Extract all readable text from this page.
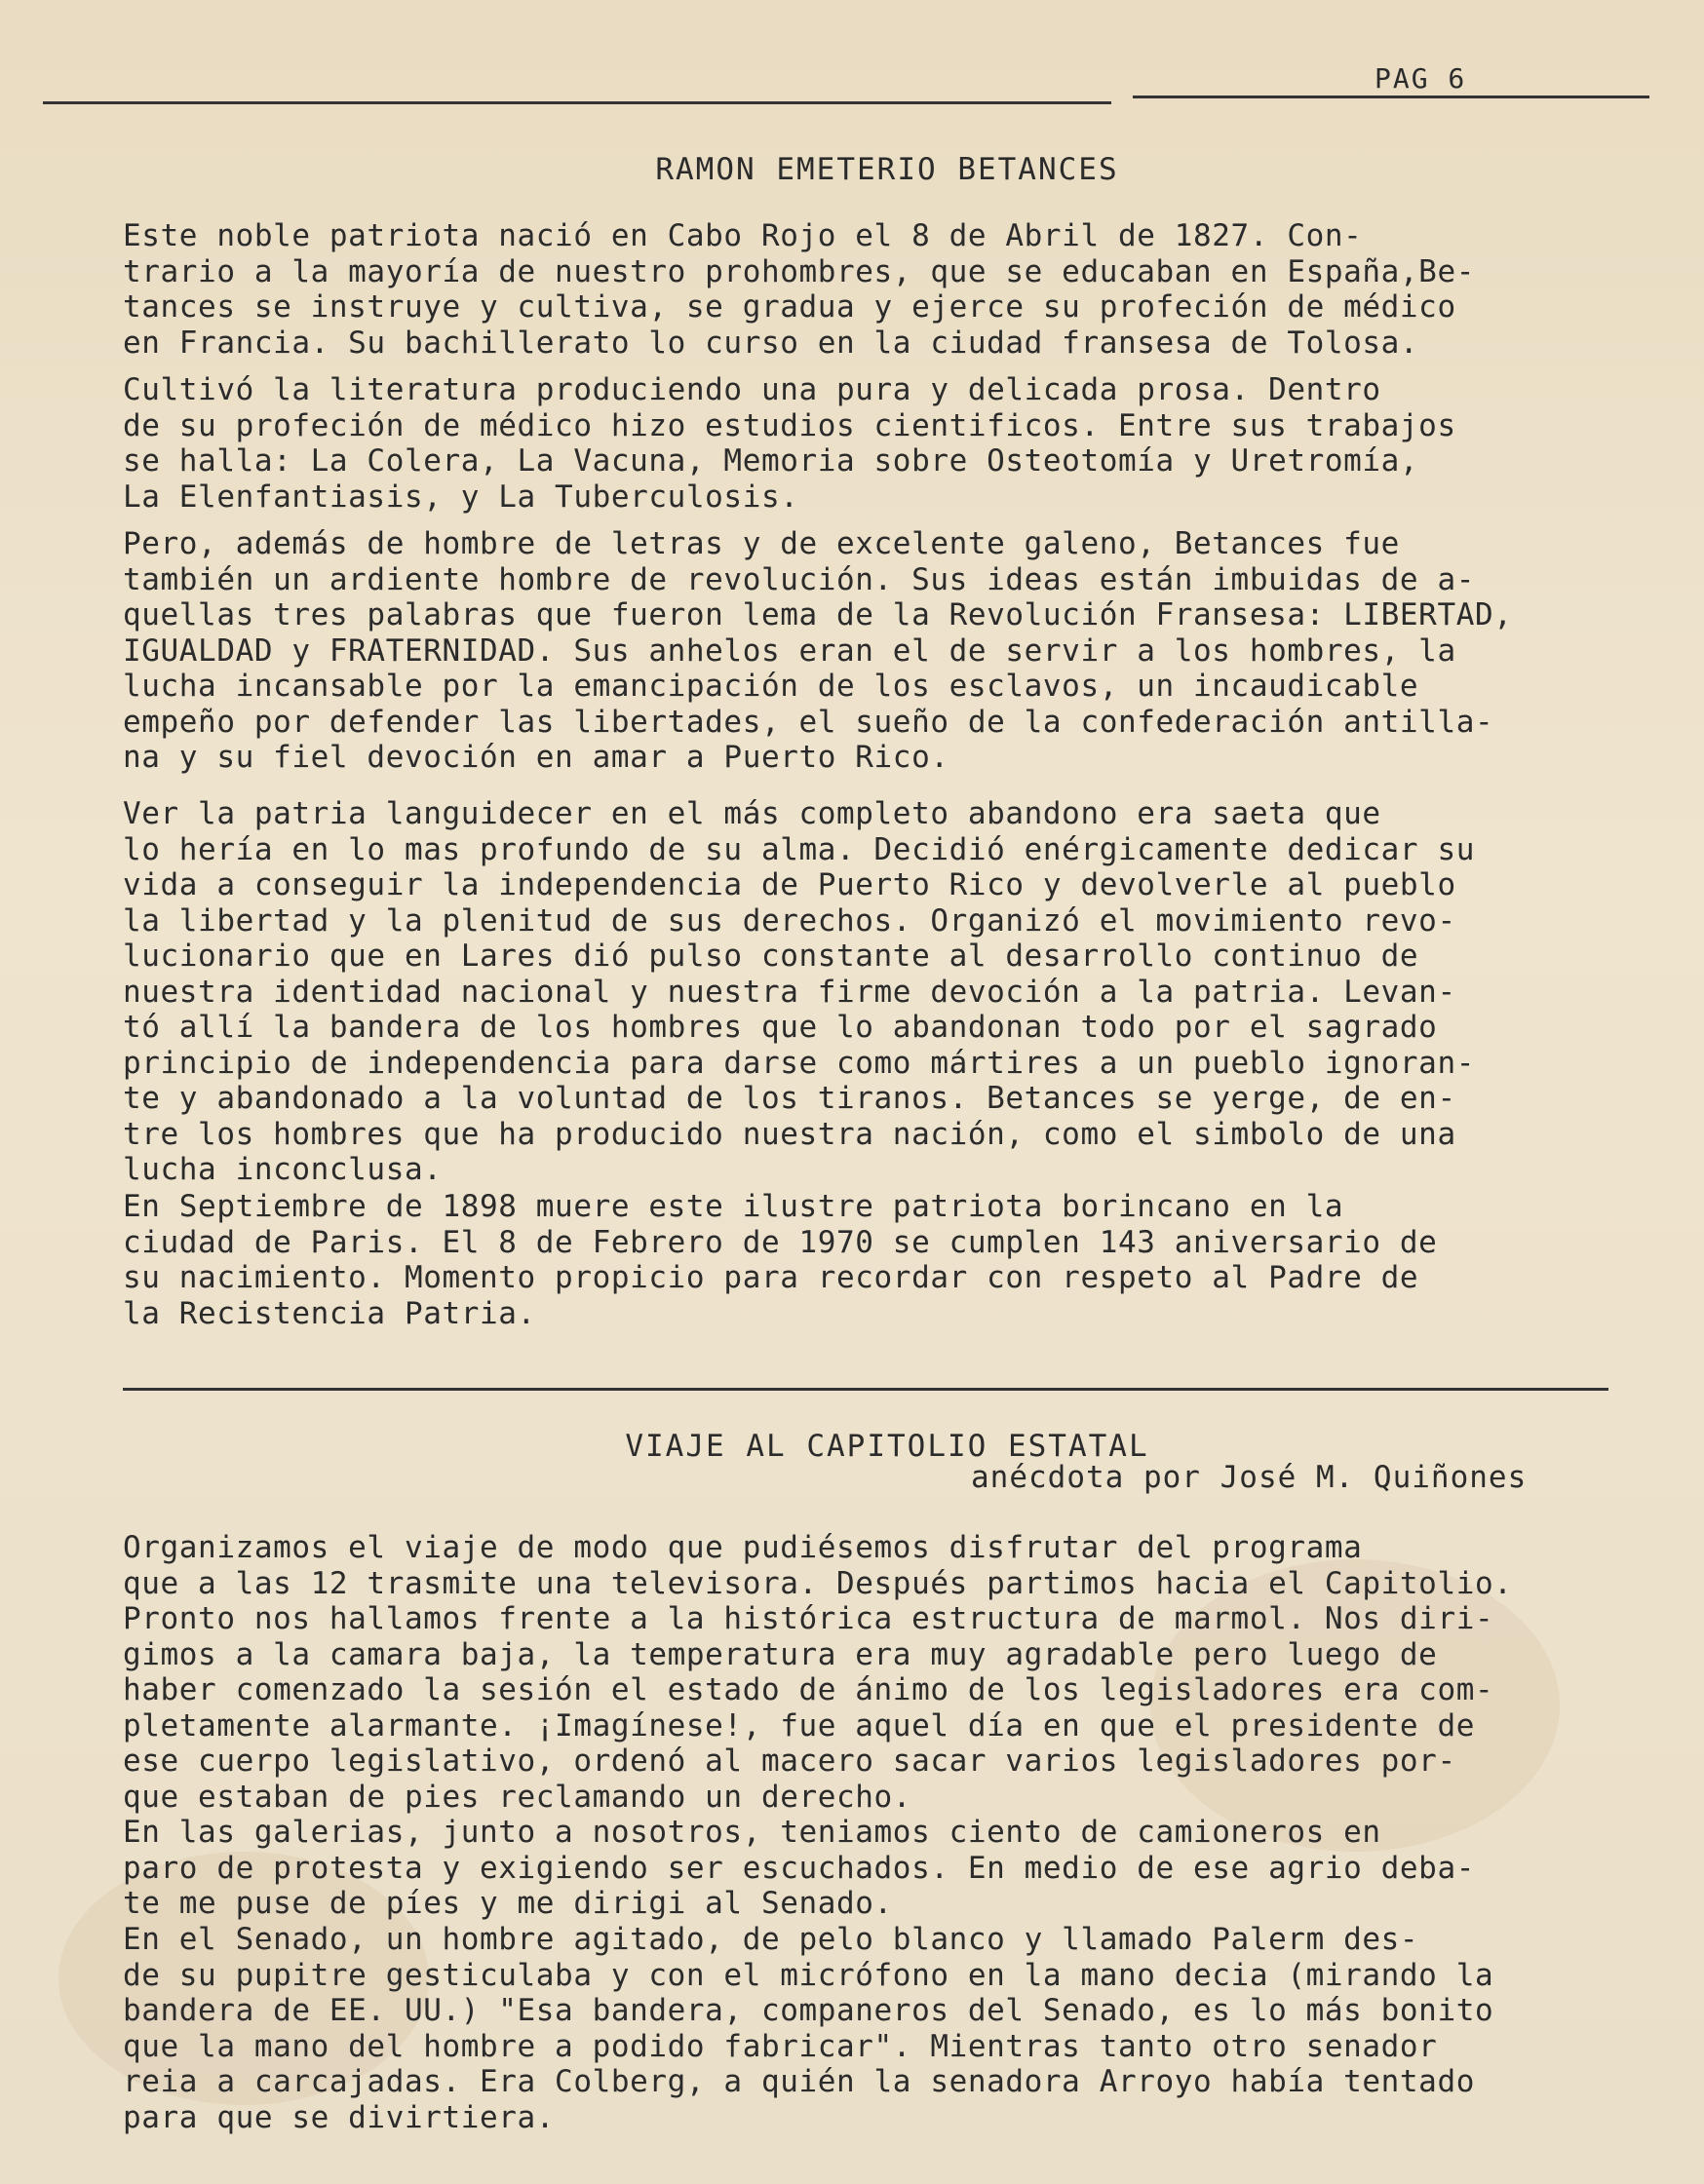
PAG 6
RAMON EMETERIO BETANCES

Este noble patriota nació en Cabo Rojo el 8 de Abril de 1827. Con-
trario a la mayoría de nuestro prohombres, que se educaban en España,Be-
tances se instruye y cultiva, se gradua y ejerce su profeción de médico
en Francia. Su bachillerato lo curso en la ciudad fransesa de Tolosa.

Cultivó la literatura produciendo una pura y delicada prosa. Dentro
de su profeción de médico hizo estudios cientificos. Entre sus trabajos
se halla: La Colera, La Vacuna, Memoria sobre Osteotomía y Uretromía,
La Elenfantiasis, y La Tuberculosis.

Pero, además de hombre de letras y de excelente galeno, Betances fue
también un ardiente hombre de revolución. Sus ideas están imbuidas de a-
quellas tres palabras que fueron lema de la Revolución Fransesa: LIBERTAD,
IGUALDAD y FRATERNIDAD. Sus anhelos eran el de servir a los hombres, la
lucha incansable por la emancipación de los esclavos, un incaudicable
empeño por defender las libertades, el sueño de la confederación antilla-
na y su fiel devoción en amar a Puerto Rico.

Ver la patria languidecer en el más completo abandono era saeta que
lo hería en lo mas profundo de su alma. Decidió enérgicamente dedicar su
vida a conseguir la independencia de Puerto Rico y devolverle al pueblo
la libertad y la plenitud de sus derechos. Organizó el movimiento revo-
lucionario que en Lares dió pulso constante al desarrollo continuo de
nuestra identidad nacional y nuestra firme devoción a la patria. Levan-
tó allí la bandera de los hombres que lo abandonan todo por el sagrado
principio de independencia para darse como mártires a un pueblo ignoran-
te y abandonado a la voluntad de los tiranos. Betances se yerge, de en-
tre los hombres que ha producido nuestra nación, como el simbolo de una
lucha inconclusa.

En Septiembre de 1898 muere este ilustre patriota borincano en la
ciudad de Paris. El 8 de Febrero de 1970 se cumplen 143 aniversario de
su nacimiento. Momento propicio para recordar con respeto al Padre de
la Recistencia Patria.

VIAJE AL CAPITOLIO ESTATAL
anécdota por José M. Quiñones

Organizamos el viaje de modo que pudiésemos disfrutar del programa
que a las 12 trasmite una televisora. Después partimos hacia el Capitolio.
Pronto nos hallamos frente a la histórica estructura de marmol. Nos diri-
gimos a la camara baja, la temperatura era muy agradable pero luego de
haber comenzado la sesión el estado de ánimo de los legisladores era com-
pletamente alarmante. ¡Imagínese!, fue aquel día en que el presidente de
ese cuerpo legislativo, ordenó al macero sacar varios legisladores por-
que estaban de pies reclamando un derecho.

En las galerias, junto a nosotros, teniamos ciento de camioneros en
paro de protesta y exigiendo ser escuchados. En medio de ese agrio deba-
te me puse de píes y me dirigi al Senado.

En el Senado, un hombre agitado, de pelo blanco y llamado Palerm des-
de su pupitre gesticulaba y con el micrófono en la mano decia (mirando la
bandera de EE. UU.) "Esa bandera, companeros del Senado, es lo más bonito
que la mano del hombre a podido fabricar". Mientras tanto otro senador
reia a carcajadas. Era Colberg, a quién la senadora Arroyo había tentado
para que se divirtiera.
